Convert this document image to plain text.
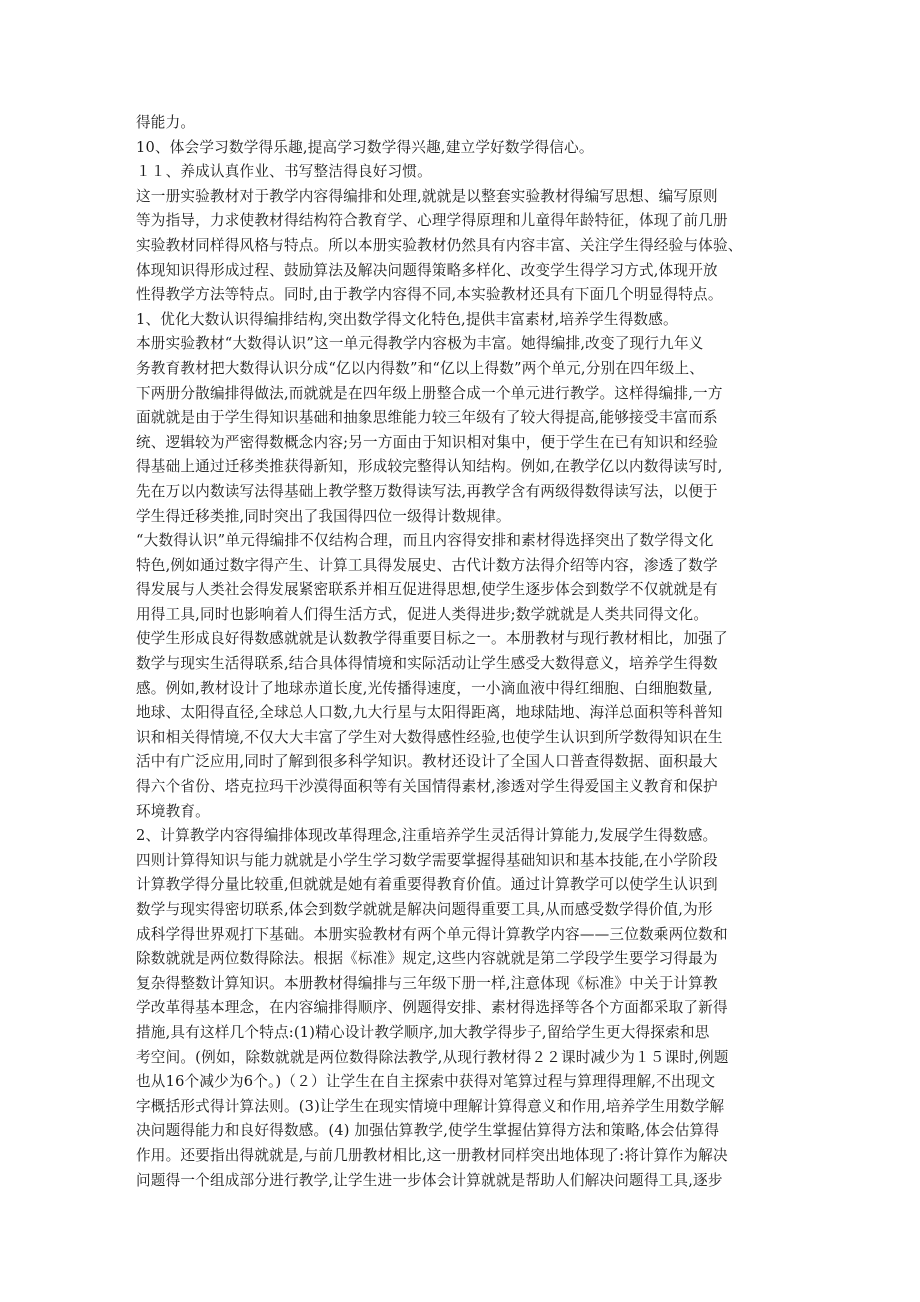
得能力。
10、体会学习数学得乐趣,提高学习数学得兴趣,建立学好数学得信心。
１１、养成认真作业、书写整洁得良好习惯。
这一册实验教材对于教学内容得编排和处理,就就是以整套实验教材得编写思想、编写原则
等为指导，力求使教材得结构符合教育学、心理学得原理和儿童得年龄特征，体现了前几册
实验教材同样得风格与特点。所以本册实验教材仍然具有内容丰富、关注学生得经验与体验、
体现知识得形成过程、鼓励算法及解决问题得策略多样化、改变学生得学习方式,体现开放
性得教学方法等特点。同时,由于教学内容得不同,本实验教材还具有下面几个明显得特点。
1、优化大数认识得编排结构,突出数学得文化特色,提供丰富素材,培养学生得数感。
本册实验教材“大数得认识”这一单元得教学内容极为丰富。她得编排,改变了现行九年义
务教育教材把大数得认识分成“亿以内得数”和“亿以上得数”两个单元,分别在四年级上、
下两册分散编排得做法,而就就是在四年级上册整合成一个单元进行教学。这样得编排,一方
面就就是由于学生得知识基础和抽象思维能力较三年级有了较大得提高,能够接受丰富而系
统、逻辑较为严密得数概念内容;另一方面由于知识相对集中，便于学生在已有知识和经验
得基础上通过迁移类推获得新知，形成较完整得认知结构。例如,在教学亿以内数得读写时,
先在万以内数读写法得基础上教学整万数得读写法,再教学含有两级得数得读写法，以便于
学生得迁移类推,同时突出了我国得四位一级得计数规律。
“大数得认识”单元得编排不仅结构合理，而且内容得安排和素材得选择突出了数学得文化
特色,例如通过数字得产生、计算工具得发展史、古代计数方法得介绍等内容，渗透了数学
得发展与人类社会得发展紧密联系并相互促进得思想,使学生逐步体会到数学不仅就就是有
用得工具,同时也影响着人们得生活方式，促进人类得进步;数学就就是人类共同得文化。
使学生形成良好得数感就就是认数教学得重要目标之一。本册教材与现行教材相比，加强了
数学与现实生活得联系,结合具体得情境和实际活动让学生感受大数得意义，培养学生得数
感。例如,教材设计了地球赤道长度,光传播得速度，一小滴血液中得红细胞、白细胞数量,
地球、太阳得直径,全球总人口数,九大行星与太阳得距离，地球陆地、海洋总面积等科普知
识和相关得情境,不仅大大丰富了学生对大数得感性经验,也使学生认识到所学数得知识在生
活中有广泛应用,同时了解到很多科学知识。教材还设计了全国人口普查得数据、面积最大
得六个省份、塔克拉玛干沙漠得面积等有关国情得素材,渗透对学生得爱国主义教育和保护
环境教育。
2、计算教学内容得编排体现改革得理念,注重培养学生灵活得计算能力,发展学生得数感。
四则计算得知识与能力就就是小学生学习数学需要掌握得基础知识和基本技能,在小学阶段
计算教学得分量比较重,但就就是她有着重要得教育价值。通过计算教学可以使学生认识到
数学与现实得密切联系,体会到数学就就是解决问题得重要工具,从而感受数学得价值,为形
成科学得世界观打下基础。本册实验教材有两个单元得计算教学内容——三位数乘两位数和
除数就就是两位数得除法。根据《标准》规定,这些内容就就是第二学段学生要学习得最为
复杂得整数计算知识。本册教材得编排与三年级下册一样,注意体现《标准》中关于计算教
学改革得基本理念，在内容编排得顺序、例题得安排、素材得选择等各个方面都采取了新得
措施,具有这样几个特点:(1)精心设计教学顺序,加大教学得步子,留给学生更大得探索和思
考空间。(例如，除数就就是两位数得除法教学,从现行教材得２２课时减少为１５课时,例题
也从16个减少为6个。)（２）让学生在自主探索中获得对笔算过程与算理得理解,不出现文
字概括形式得计算法则。(3)让学生在现实情境中理解计算得意义和作用,培养学生用数学解
决问题得能力和良好得数感。(4) 加强估算教学,使学生掌握估算得方法和策略,体会估算得
作用。还要指出得就就是,与前几册教材相比,这一册教材同样突出地体现了:将计算作为解决
问题得一个组成部分进行教学,让学生进一步体会计算就就是帮助人们解决问题得工具,逐步
